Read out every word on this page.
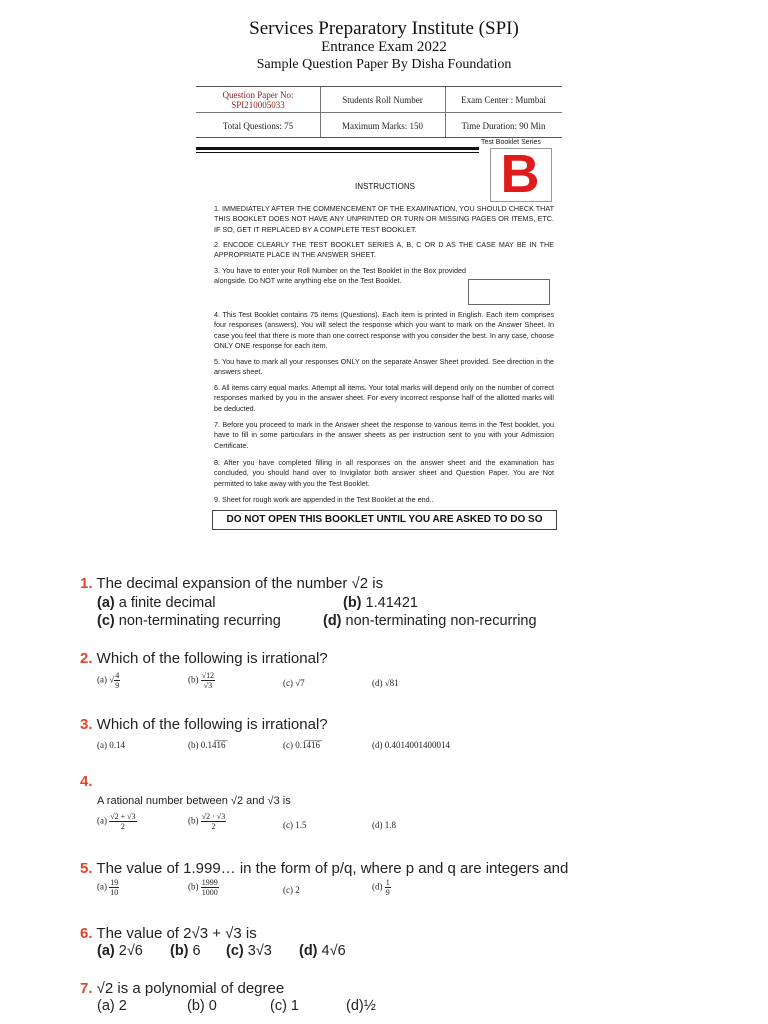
Services Preparatory Institute (SPI)
Entrance Exam 2022
Sample Question Paper By Disha Foundation
Question Paper No:
SPI210005033	Students Roll Number	Exam Center : Mumbai
Total Questions: 75	Maximum Marks: 150	Time Duration: 90 Min
Test Booklet Series
B
INSTRUCTIONS
1. IMMEDIATELY AFTER THE COMMENCEMENT OF THE EXAMINATION, YOU SHOULD CHECK THAT THIS BOOKLET DOES NOT HAVE ANY UNPRINTED OR TURN OR MISSING PAGES OR ITEMS, ETC. IF SO, GET IT REPLACED BY A COMPLETE TEST BOOKLET.
2. ENCODE CLEARLY THE TEST BOOKLET SERIES A, B, C OR D AS THE CASE MAY BE IN THE APPROPRIATE PLACE IN THE ANSWER SHEET.
3. You have to enter your Roll Number on the Test Booklet in the Box provided alongside. Do NOT write anything else on the Test Booklet.
4. This Test Booklet contains 75 items (Questions). Each item is printed in English. Each item comprises four responses (answers). You will select the response which you want to mark on the Answer Sheet. In case you feel that there is more than one correct response with you consider the best. In any case, choose ONLY ONE response for each item.
5. You have to mark all your responses ONLY on the separate Answer Sheet provided. See direction in the answers sheet.
6. All items carry equal marks. Attempt all items. Your total marks will depend only on the number of correct responses marked by you in the answer sheet. For every incorrect response half of the allotted marks will be deducted.
7. Before you proceed to mark in the Answer sheet the response to various items in the Test booklet, you have to fill in some particulars in the answer sheets as per instruction sent to you with your Admission Certificate.
8. After you have completed filling in all responses on the answer sheet and the examination has concluded, you should hand over to Invigilator both answer sheet and Question Paper. You are Not permitted to take away with you the Test Booklet.
9. Sheet for rough work are appended in the Test Booklet at the end..
DO NOT OPEN THIS BOOKLET UNTIL YOU ARE ASKED TO DO SO
1. The decimal expansion of the number √2 is
(a) a finite decimal	(b) 1.41421
(c) non-terminating recurring	(d) non-terminating non-recurring
2. Which of the following is irrational?
(a) √ $\frac{4}{9}$	$(b) \frac{√12}{√3}$	(c) √7	(d) √81
3. Which of the following is irrational?
(a) 0.14	(b) 0.14̅1̅6̅	(c) 0.1̅4̅1̅6̅	(d) 0.4014001400014
4.
A rational number between √2 and √3 is
$(a) \frac{√2 + √3}{2}$	$(b) \frac{√2 \cdot √3}{2}$	(c) 1.5	(d) 1.8
5. The value of 1.999… in the form of p/q, where p and q are integers and
$(a) \frac{19}{10}$	$(b) \frac{1999}{1000}$	(c) 2	$(d) \frac{1}{9}$
6. The value of 2√3 + √3 is
(a) 2√6 (b) 6 (c) 3√3 (d) 4√6
7. √2 is a polynomial of degree
(a) 2	(b) 0	(c) 1	(d)½
